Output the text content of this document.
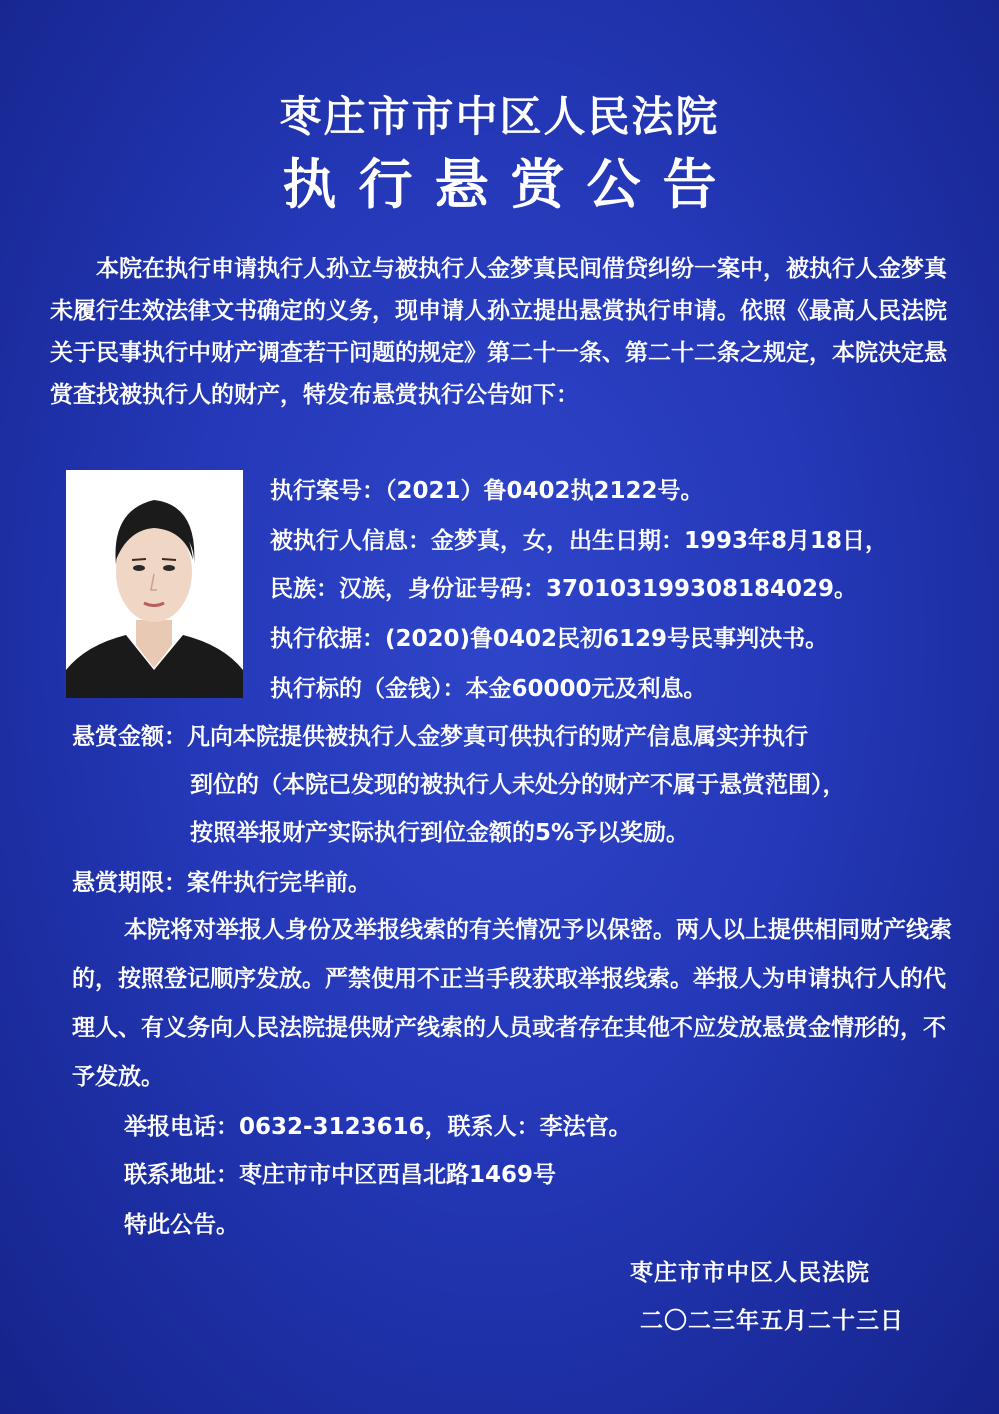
枣庄市市中区人民法院
执行悬赏公告
本院在执行申请执行人孙立与被执行人金梦真民间借贷纠纷一案中，被执行人金梦真未履行生效法律文书确定的义务，现申请人孙立提出悬赏执行申请。依照《最高人民法院关于民事执行中财产调查若干问题的规定》第二十一条、第二十二条之规定，本院决定悬赏查找被执行人的财产，特发布悬赏执行公告如下：
执行案号：（2021）鲁0402执2122号。
被执行人信息：金梦真，女，出生日期：1993年8月18日，
民族：汉族，身份证号码：370103199308184029。
执行依据：(2020)鲁0402民初6129号民事判决书。
执行标的（金钱）：本金60000元及利息。
悬赏金额：凡向本院提供被执行人金梦真可供执行的财产信息属实并执行
到位的（本院已发现的被执行人未处分的财产不属于悬赏范围），
按照举报财产实际执行到位金额的5%予以奖励。
悬赏期限：案件执行完毕前。
本院将对举报人身份及举报线索的有关情况予以保密。两人以上提供相同财产线索的，按照登记顺序发放。严禁使用不正当手段获取举报线索。举报人为申请执行人的代理人、有义务向人民法院提供财产线索的人员或者存在其他不应发放悬赏金情形的，不予发放。
举报电话：0632-3123616，联系人：李法官。
联系地址：枣庄市市中区西昌北路1469号
特此公告。
枣庄市市中区人民法院
二〇二三年五月二十三日
